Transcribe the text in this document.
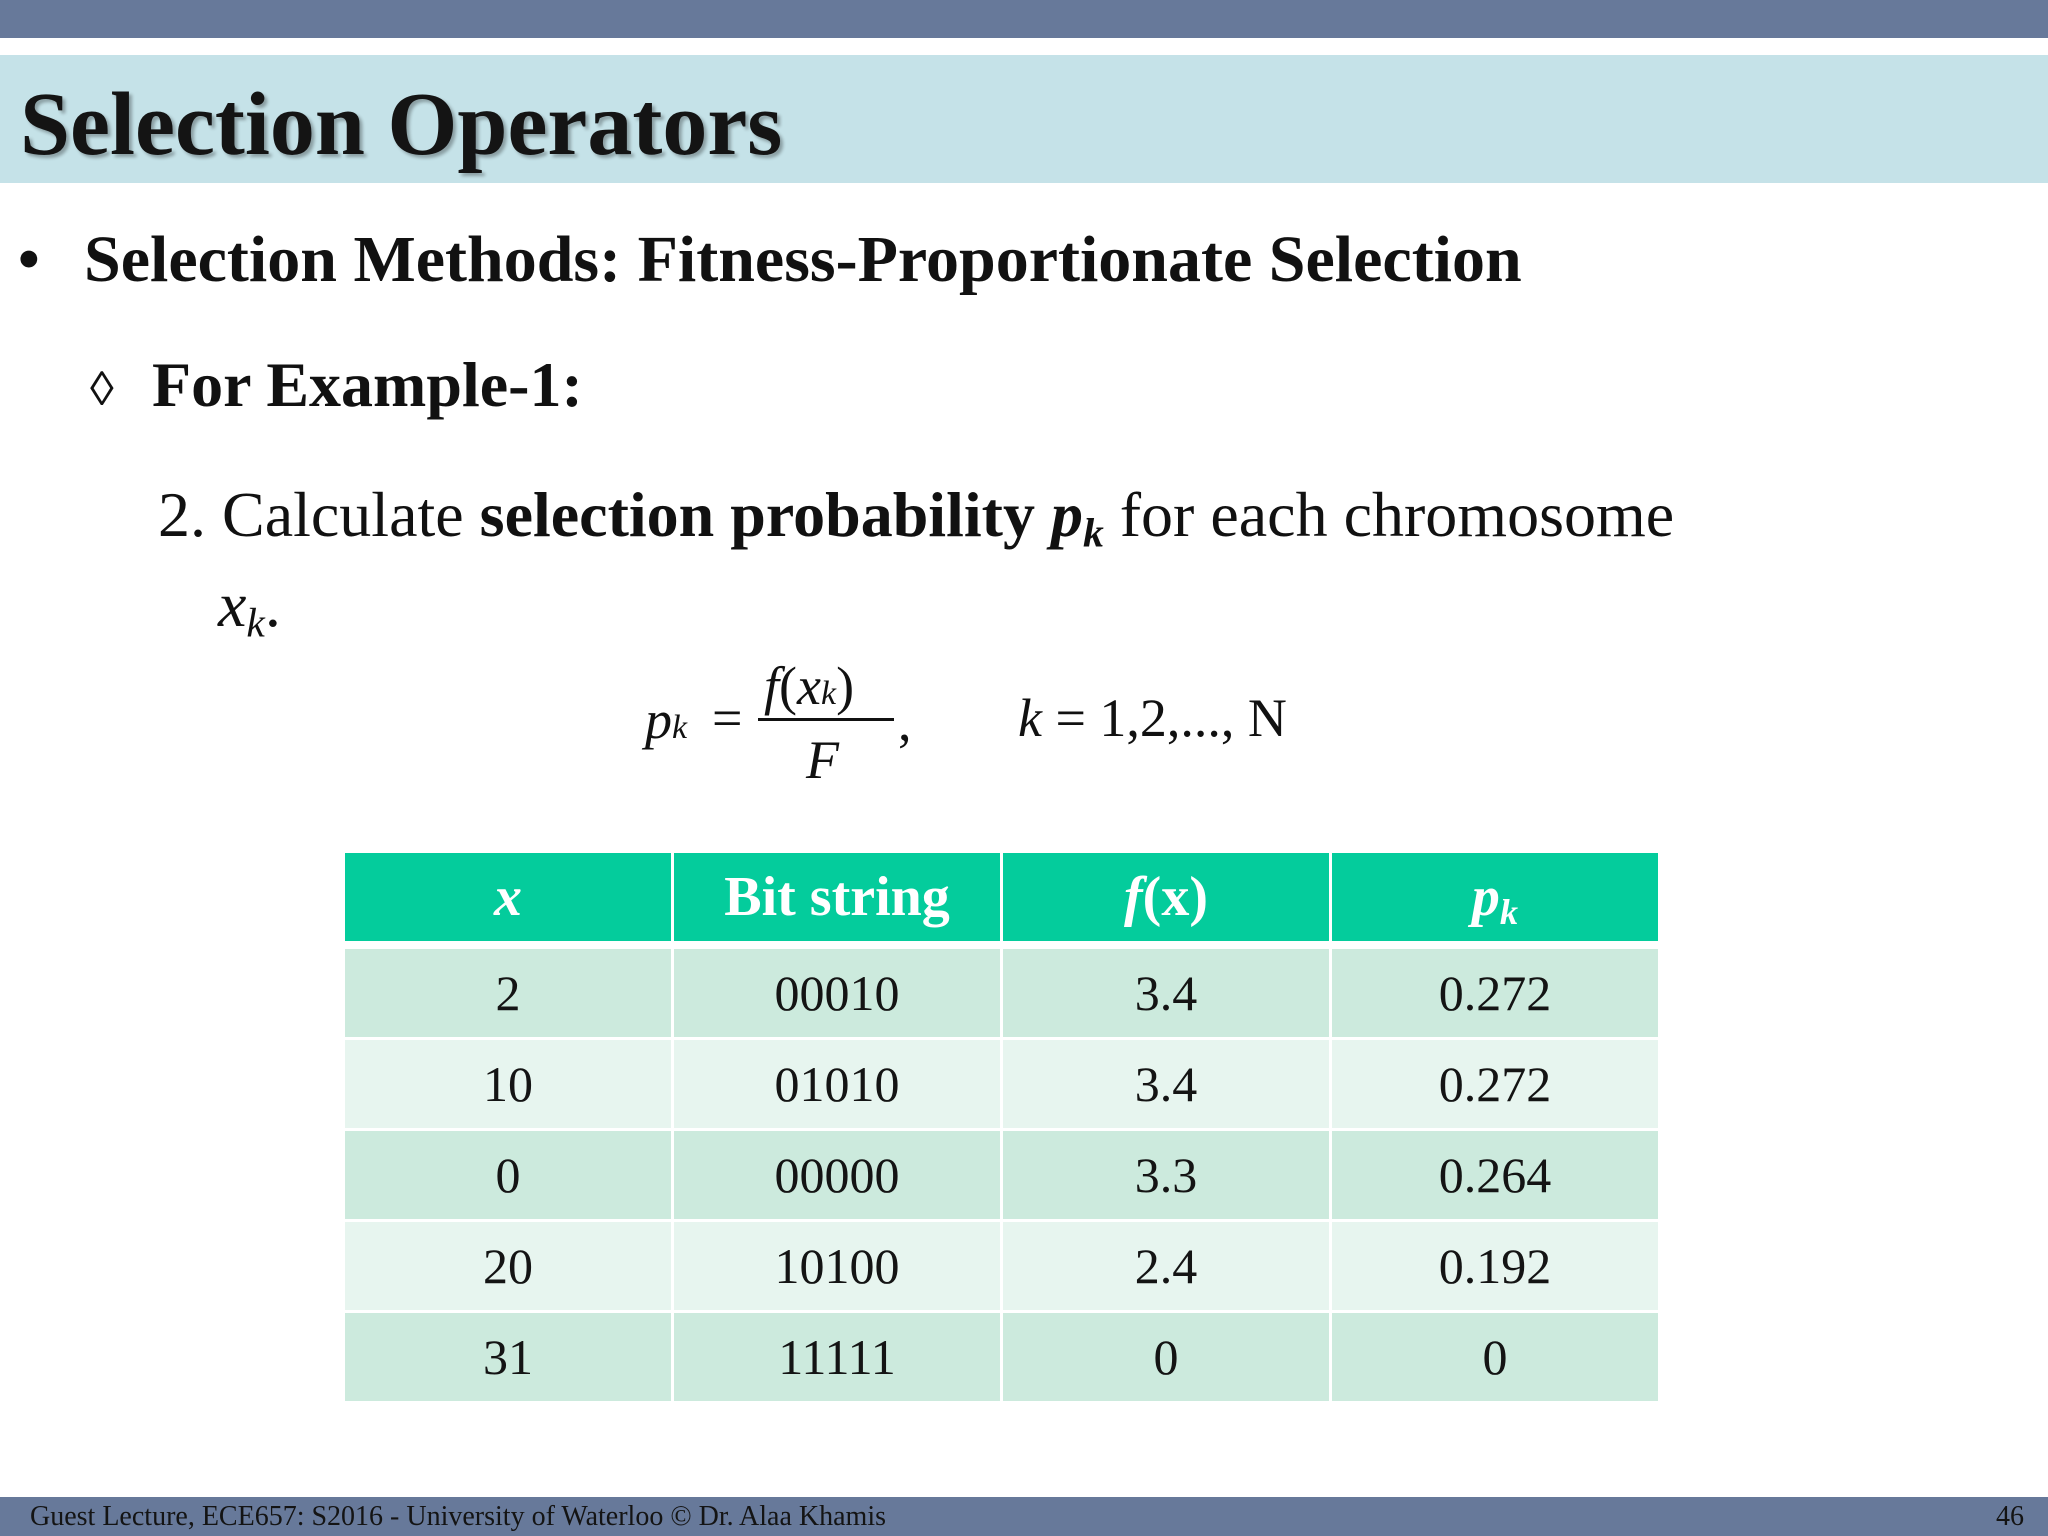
Selection Operators
• Selection Methods: Fitness-Proportionate Selection
◊ For Example-1:
2. Calculate selection probability $p_k$ for each chromosome
$x_k$.
pk =
f(xk)
F
, k = 1,2,..., N
x	Bit string	f(x)	$p_k$
2	00010	3.4	0.272
10	01010	3.4	0.272
0	00000	3.3	0.264
20	10100	2.4	0.192
31	11111	0	0
Guest Lecture, ECE657: S2016 - University of Waterloo © Dr. Alaa Khamis	46
